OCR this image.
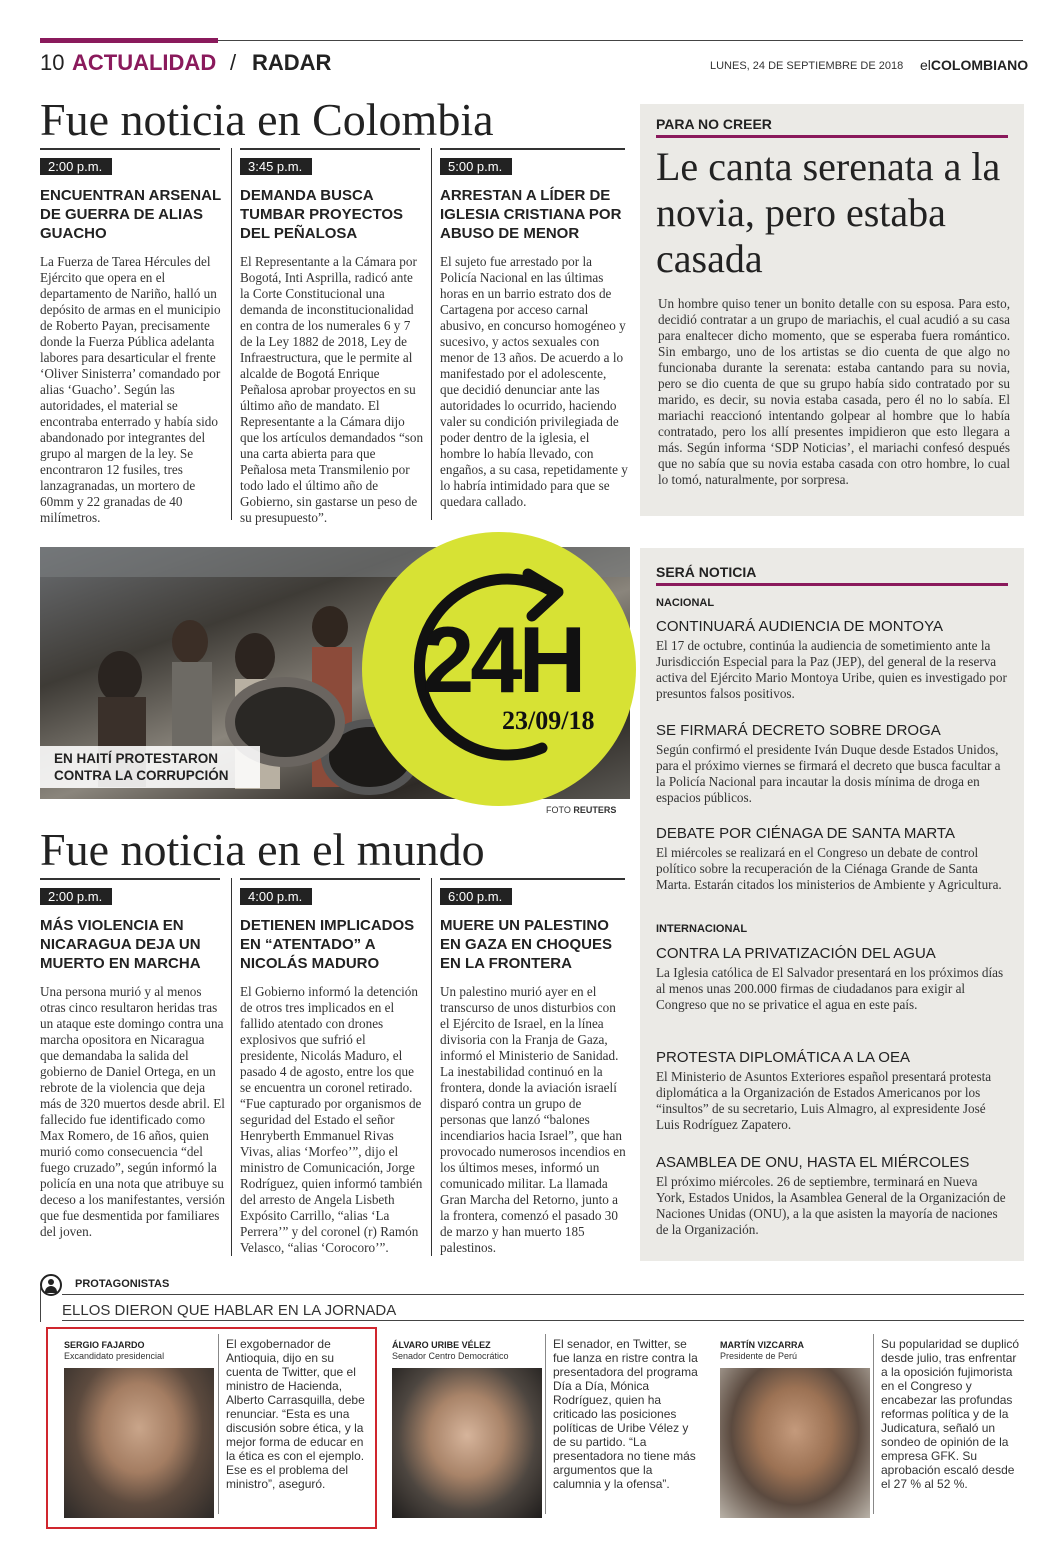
10 ACTUALIDAD / RADAR	LUNES, 24 DE SEPTIEMBRE DE 2018 elCOLOMBIANO
Fue noticia en Colombia
2:00 p.m.
ENCUENTRAN ARSENAL DE GUERRA DE ALIAS GUACHO
La Fuerza de Tarea Hércules del Ejército que opera en el departamento de Nariño, halló un depósito de armas en el municipio de Roberto Payan, precisamente donde la Fuerza Pública adelanta labores para desarticular el frente ‘Oliver Sinisterra’ comandado por alias ‘Guacho’. Según las autoridades, el material se encontraba enterrado y había sido abandonado por integrantes del grupo al margen de la ley. Se encontraron 12 fusiles, tres lanzagranadas, un mortero de 60mm y 22 granadas de 40 milímetros.
3:45 p.m.
DEMANDA BUSCA TUMBAR PROYECTOS DEL PEÑALOSA
El Representante a la Cámara por Bogotá, Inti Asprilla, radicó ante la Corte Constitucional una demanda de inconstitucionalidad en contra de los numerales 6 y 7 de la Ley 1882 de 2018, Ley de Infraestructura, que le permite al alcalde de Bogotá Enrique Peñalosa aprobar proyectos en su último año de mandato. El Representante a la Cámara dijo que los artículos demandados “son una carta abierta para que Peñalosa meta Transmilenio por todo lado el último año de Gobierno, sin gastarse un peso de su presupuesto”.
5:00 p.m.
ARRESTAN A LÍDER DE IGLESIA CRISTIANA POR ABUSO DE MENOR
El sujeto fue arrestado por la Policía Nacional en las últimas horas en un barrio estrato dos de Cartagena por acceso carnal abusivo, en concurso homogéneo y sucesivo, y actos sexuales con menor de 13 años. De acuerdo a lo manifestado por el adolescente, que decidió denunciar ante las autoridades lo ocurrido, haciendo valer su condición privilegiada de poder dentro de la iglesia, el hombre lo había llevado, con engaños, a su casa, repetidamente y lo habría intimidado para que se quedara callado.
PARA NO CREER
Le canta serenata a la novia, pero estaba casada
Un hombre quiso tener un bonito detalle con su esposa. Para esto, decidió contratar a un grupo de mariachis, el cual acudió a su casa para enaltecer dicho momento, que se esperaba fuera romántico. Sin embargo, uno de los artistas se dio cuenta de que algo no funcionaba durante la serenata: estaba cantando para su novia, pero se dio cuenta de que su grupo había sido contratado por su marido, es decir, su novia estaba casada, pero él no lo sabía. El mariachi reaccionó intentando golpear al hombre que lo había contratado, pero los allí presentes impidieron que esto llegara a más. Según informa ‘SDP Noticias’, el mariachi confesó después que no sabía que su novia estaba casada con otro hombre, lo cual lo tomó, naturalmente, por sorpresa.
EN HAITÍ PROTESTARON
CONTRA LA CORRUPCIÓN
24H
23/09/18
FOTO REUTERS
SERÁ NOTICIA
NACIONAL
CONTINUARÁ AUDIENCIA DE MONTOYA
El 17 de octubre, continúa la audiencia de sometimiento ante la Jurisdicción Especial para la Paz (JEP), del general de la reserva activa del Ejército Mario Montoya Uribe, quien es investigado por presuntos falsos positivos.
SE FIRMARÁ DECRETO SOBRE DROGA
Según confirmó el presidente Iván Duque desde Estados Unidos, para el próximo viernes se firmará el decreto que busca facultar a la Policía Nacional para incautar la dosis mínima de droga en espacios públicos.
DEBATE POR CIÉNAGA DE SANTA MARTA
El miércoles se realizará en el Congreso un debate de control político sobre la recuperación de la Ciénaga Grande de Santa Marta. Estarán citados los ministerios de Ambiente y Agricultura.
INTERNACIONAL
CONTRA LA PRIVATIZACIÓN DEL AGUA
La Iglesia católica de El Salvador presentará en los próximos días al menos unas 200.000 firmas de ciudadanos para exigir al Congreso que no se privatice el agua en este país.
PROTESTA DIPLOMÁTICA A LA OEA
El Ministerio de Asuntos Exteriores español presentará protesta diplomática a la Organización de Estados Americanos por los “insultos” de su secretario, Luis Almagro, al expresidente José Luis Rodríguez Zapatero.
ASAMBLEA DE ONU, HASTA EL MIÉRCOLES
El próximo miércoles. 26 de septiembre, terminará en Nueva York, Estados Unidos, la Asamblea General de la Organización de Naciones Unidas (ONU), a la que asisten la mayoría de naciones de la Organización.
Fue noticia en el mundo
2:00 p.m.
MÁS VIOLENCIA EN NICARAGUA DEJA UN MUERTO EN MARCHA
Una persona murió y al menos otras cinco resultaron heridas tras un ataque este domingo contra una marcha opositora en Nicaragua que demandaba la salida del gobierno de Daniel Ortega, en un rebrote de la violencia que deja más de 320 muertos desde abril. El fallecido fue identificado como Max Romero, de 16 años, quien murió como consecuencia “del fuego cruzado”, según informó la policía en una nota que atribuye su deceso a los manifestantes, versión que fue desmentida por familiares del joven.
4:00 p.m.
DETIENEN IMPLICADOS EN “ATENTADO” A NICOLÁS MADURO
El Gobierno informó la detención de otros tres implicados en el fallido atentado con drones explosivos que sufrió el presidente, Nicolás Maduro, el pasado 4 de agosto, entre los que se encuentra un coronel retirado. “Fue capturado por organismos de seguridad del Estado el señor Henryberth Emmanuel Rivas Vivas, alias ‘Morfeo’”, dijo el ministro de Comunicación, Jorge Rodríguez, quien informó también del arresto de Angela Lisbeth Expósito Carrillo, “alias ‘La Perrera’” y del coronel (r) Ramón Velasco, “alias ‘Corocoro’”.
6:00 p.m.
MUERE UN PALESTINO EN GAZA EN CHOQUES EN LA FRONTERA
Un palestino murió ayer en el transcurso de unos disturbios con el Ejército de Israel, en la línea divisoria con la Franja de Gaza, informó el Ministerio de Sanidad. La inestabilidad continuó en la frontera, donde la aviación israelí disparó contra un grupo de personas que lanzó “balones incendiarios hacia Israel”, que han provocado numerosos incendios en los últimos meses, informó un comunicado militar. La llamada Gran Marcha del Retorno, junto a la frontera, comenzó el pasado 30 de marzo y han muerto 185 palestinos.
PROTAGONISTAS
ELLOS DIERON QUE HABLAR EN LA JORNADA
SERGIO FAJARDO
Excandidato presidencial
El exgobernador de Antioquia, dijo en su cuenta de Twitter, que el ministro de Hacienda, Alberto Carrasquilla, debe renunciar. “Esta es una discusión sobre ética, y la mejor forma de educar en la ética es con el ejemplo. Ese es el problema del ministro”, aseguró.
ÁLVARO URIBE VÉLEZ
Senador Centro Democrático
El senador, en Twitter, se fue lanza en ristre contra la presentadora del programa Día a Día, Mónica Rodríguez, quien ha criticado las posiciones políticas de Uribe Vélez y de su partido. “La presentadora no tiene más argumentos que la calumnia y la ofensa”.
MARTÍN VIZCARRA
Presidente de Perú
Su popularidad se duplicó desde julio, tras enfrentar a la oposición fujimorista en el Congreso y encabezar las profundas reformas política y de la Judicatura, señaló un sondeo de opinión de la empresa GFK. Su aprobación escaló desde el 27 % al 52 %.
